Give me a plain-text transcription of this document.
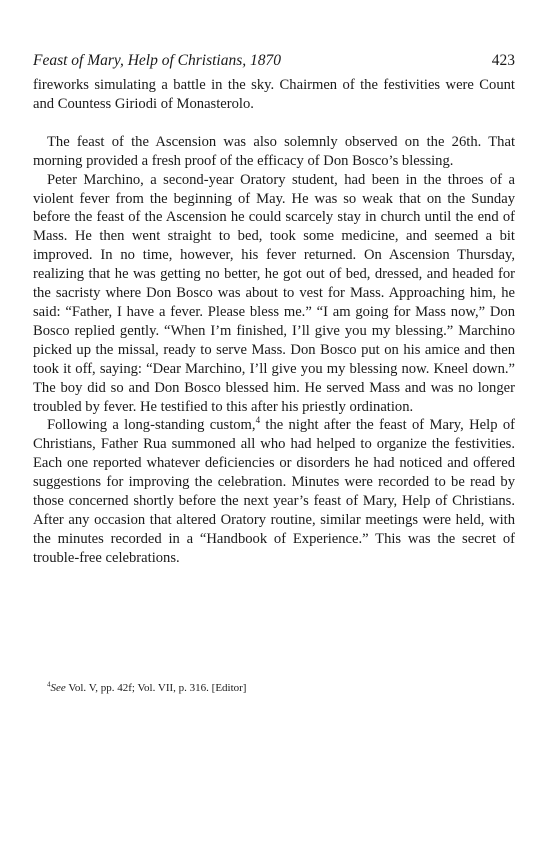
Feast of Mary, Help of Christians, 1870	423

fireworks simulating a battle in the sky. Chairmen of the festivities were Count and Countess Giriodi of Monasterolo.

The feast of the Ascension was also solemnly observed on the 26th. That morning provided a fresh proof of the efficacy of Don Bosco’s blessing.

Peter Marchino, a second-year Oratory student, had been in the throes of a violent fever from the beginning of May. He was so weak that on the Sunday before the feast of the Ascension he could scarcely stay in church until the end of Mass. He then went straight to bed, took some medicine, and seemed a bit improved. In no time, however, his fever returned. On Ascension Thursday, realizing that he was getting no better, he got out of bed, dressed, and headed for the sacristy where Don Bosco was about to vest for Mass. Approaching him, he said: “Father, I have a fever. Please bless me.” “I am going for Mass now,” Don Bosco replied gently. “When I’m finished, I’ll give you my blessing.” Marchino picked up the missal, ready to serve Mass. Don Bosco put on his amice and then took it off, saying: “Dear Marchino, I’ll give you my blessing now. Kneel down.” The boy did so and Don Bosco blessed him. He served Mass and was no longer troubled by fever. He testified to this after his priestly ordination.

Following a long-standing custom,$^4$ the night after the feast of Mary, Help of Christians, Father Rua summoned all who had helped to organize the festivities. Each one reported whatever deficiencies or disorders he had noticed and offered suggestions for improving the celebration. Minutes were recorded to be read by those concerned shortly before the next year’s feast of Mary, Help of Christians. After any occasion that altered Oratory routine, similar meetings were held, with the minutes recorded in a “Handbook of Experience.” This was the secret of trouble-free celebrations.

$^4$See Vol. V, pp. 42f; Vol. VII, p. 316. [Editor]
